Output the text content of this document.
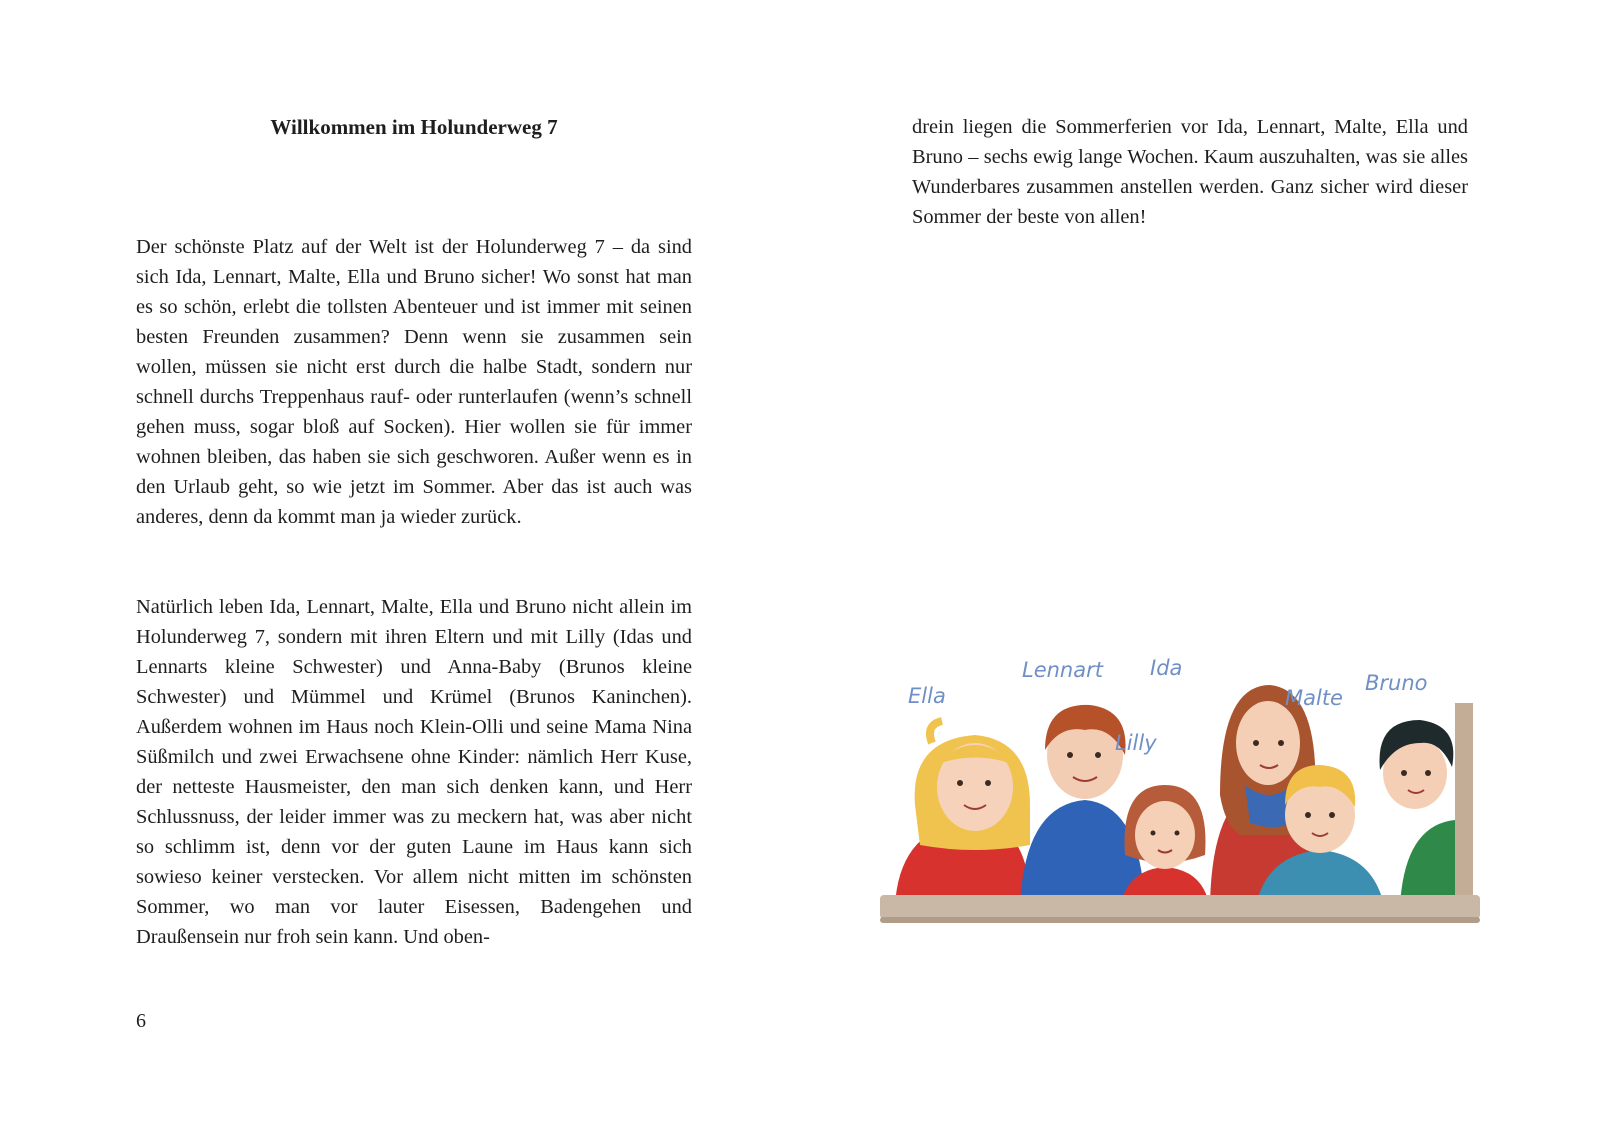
Willkommen im Holunderweg 7

Der schönste Platz auf der Welt ist der Holunderweg 7 – da sind sich Ida, Lennart, Malte, Ella und Bruno sicher! Wo sonst hat man es so schön, erlebt die tollsten Abenteuer und ist immer mit seinen besten Freunden zusammen? Denn wenn sie zusammen sein wollen, müssen sie nicht erst durch die halbe Stadt, sondern nur schnell durchs Treppenhaus rauf- oder runterlaufen (wenn’s schnell gehen muss, sogar bloß auf Socken). Hier wollen sie für immer wohnen bleiben, das haben sie sich geschworen. Außer wenn es in den Urlaub geht, so wie jetzt im Sommer. Aber das ist auch was anderes, denn da kommt man ja wieder zurück.

Natürlich leben Ida, Lennart, Malte, Ella und Bruno nicht allein im Holunderweg 7, sondern mit ihren Eltern und mit Lilly (Idas und Lennarts kleine Schwester) und Anna-Baby (Brunos kleine Schwester) und Mümmel und Krümel (Brunos Kaninchen). Außerdem wohnen im Haus noch Klein-Olli und seine Mama Nina Süßmilch und zwei Erwachsene ohne Kinder: nämlich Herr Kuse, der netteste Hausmeister, den man sich denken kann, und Herr Schlussnuss, der leider immer was zu meckern hat, was aber nicht so schlimm ist, denn vor der guten Laune im Haus kann sich sowieso keiner verstecken. Vor allem nicht mitten im schönsten Sommer, wo man vor lauter Eisessen, Badengehen und Draußensein nur froh sein kann. Und oben-

6

drein liegen die Sommerferien vor Ida, Lennart, Malte, Ella und Bruno – sechs ewig lange Wochen. Kaum auszuhalten, was sie alles Wunderbares zusammen anstellen werden. Ganz sicher wird dieser Sommer der beste von allen!

Ella
Lennart Ida
Lilly
Malte
Bruno
